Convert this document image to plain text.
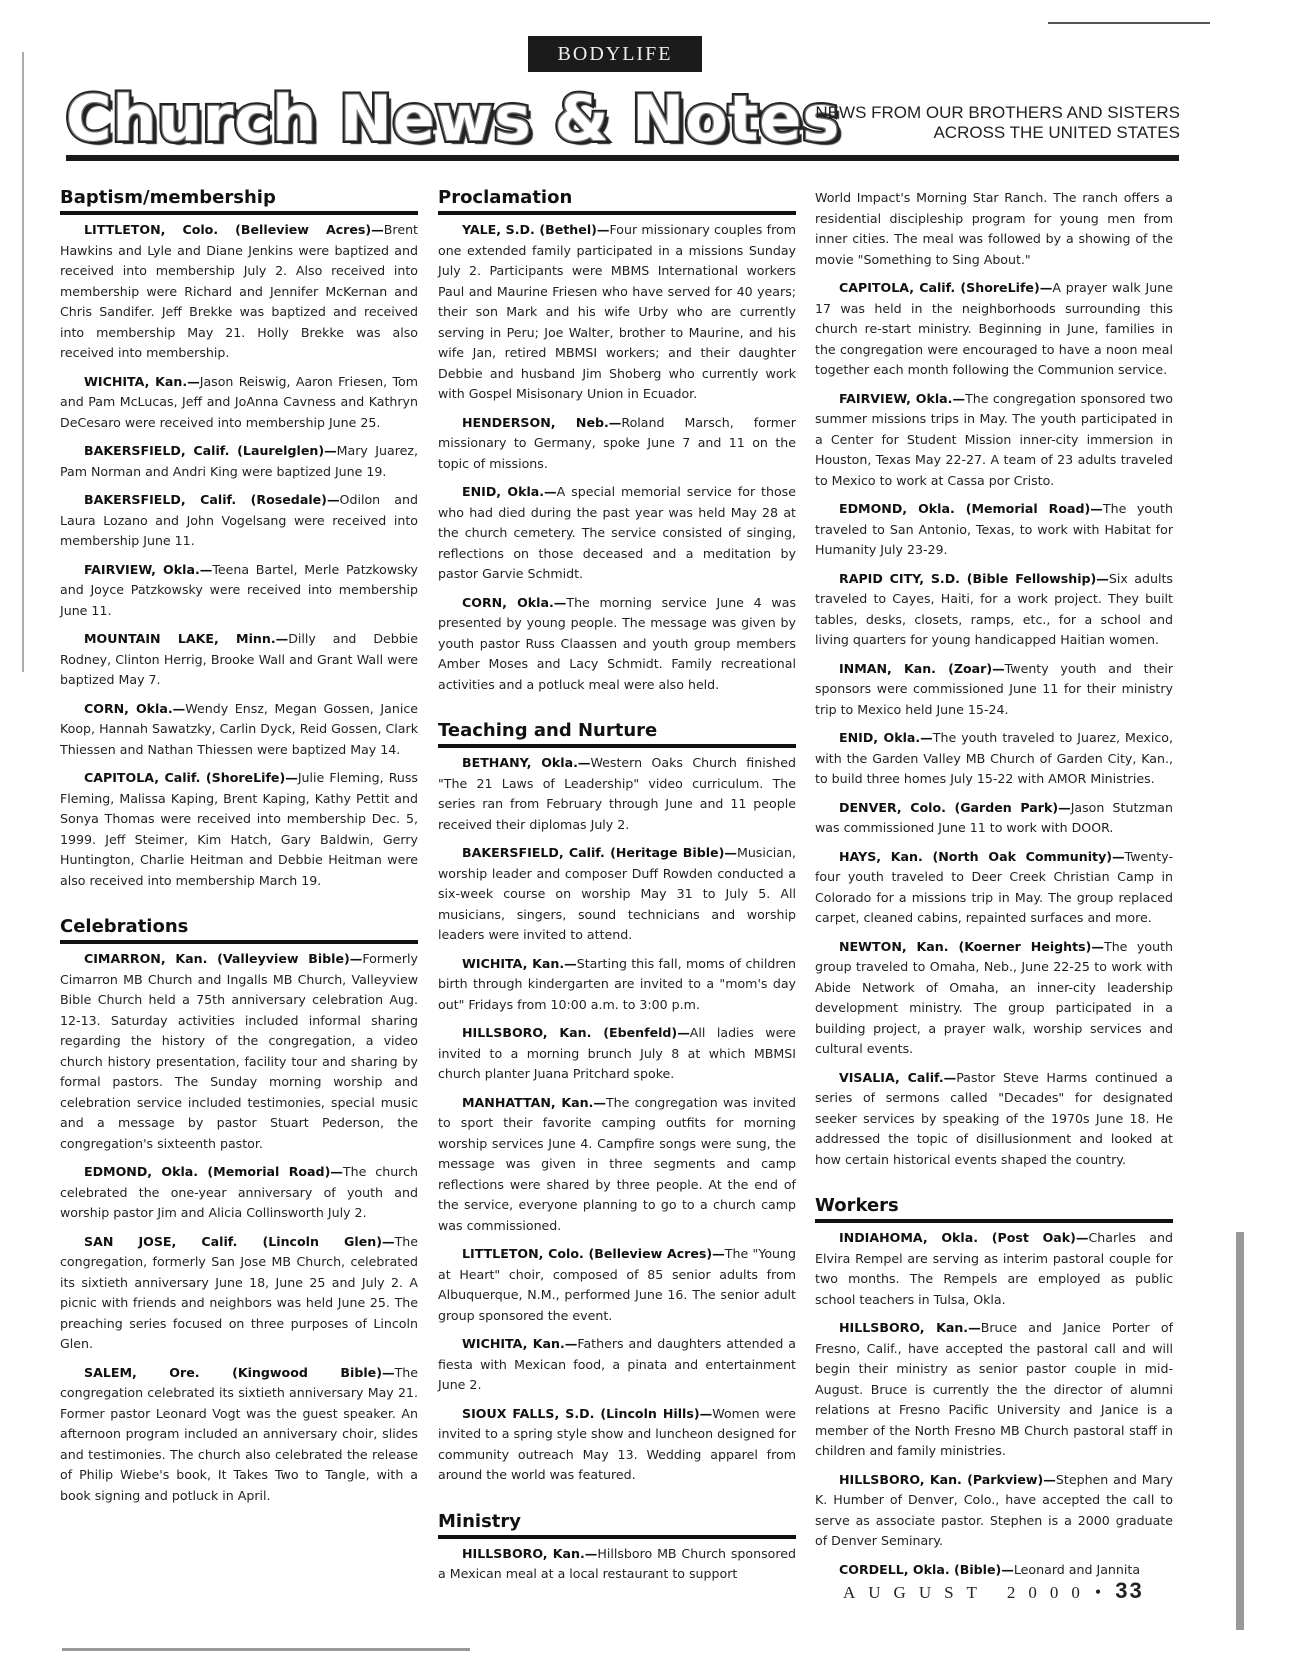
BODYLIFE
Church News & Notes
NEWS FROM OUR BROTHERS AND SISTERS
ACROSS THE UNITED STATES
Baptism/membership

LITTLETON, Colo. (Belleview Acres)—Brent Hawkins and Lyle and Diane Jenkins were baptized and received into membership July 2. Also received into membership were Richard and Jennifer McKernan and Chris Sandifer. Jeff Brekke was baptized and received into membership May 21. Holly Brekke was also received into membership.

WICHITA, Kan.—Jason Reiswig, Aaron Friesen, Tom and Pam McLucas, Jeff and JoAnna Cavness and Kathryn DeCesaro were received into membership June 25.

BAKERSFIELD, Calif. (Laurelglen)—Mary Juarez, Pam Norman and Andri King were baptized June 19.

BAKERSFIELD, Calif. (Rosedale)—Odilon and Laura Lozano and John Vogelsang were received into membership June 11.

FAIRVIEW, Okla.—Teena Bartel, Merle Patzkowsky and Joyce Patzkowsky were received into membership June 11.

MOUNTAIN LAKE, Minn.—Dilly and Debbie Rodney, Clinton Herrig, Brooke Wall and Grant Wall were baptized May 7.

CORN, Okla.—Wendy Ensz, Megan Gossen, Janice Koop, Hannah Sawatzky, Carlin Dyck, Reid Gossen, Clark Thiessen and Nathan Thiessen were baptized May 14.

CAPITOLA, Calif. (ShoreLife)—Julie Fleming, Russ Fleming, Malissa Kaping, Brent Kaping, Kathy Pettit and Sonya Thomas were received into membership Dec. 5, 1999. Jeff Steimer, Kim Hatch, Gary Baldwin, Gerry Huntington, Charlie Heitman and Debbie Heitman were also received into membership March 19.

Celebrations

CIMARRON, Kan. (Valleyview Bible)—Formerly Cimarron MB Church and Ingalls MB Church, Valleyview Bible Church held a 75th anniversary celebration Aug. 12-13. Saturday activities included informal sharing regarding the history of the congregation, a video church history presentation, facility tour and sharing by formal pastors. The Sunday morning worship and celebration service included testimonies, special music and a message by pastor Stuart Pederson, the congregation's sixteenth pastor.

EDMOND, Okla. (Memorial Road)—The church celebrated the one-year anniversary of youth and worship pastor Jim and Alicia Collinsworth July 2.

SAN JOSE, Calif. (Lincoln Glen)—The congregation, formerly San Jose MB Church, celebrated its sixtieth anniversary June 18, June 25 and July 2. A picnic with friends and neighbors was held June 25. The preaching series focused on three purposes of Lincoln Glen.

SALEM, Ore. (Kingwood Bible)—The congregation celebrated its sixtieth anniversary May 21. Former pastor Leonard Vogt was the guest speaker. An afternoon program included an anniversary choir, slides and testimonies. The church also celebrated the release of Philip Wiebe's book, It Takes Two to Tangle, with a book signing and potluck in April.

Proclamation

YALE, S.D. (Bethel)—Four missionary couples from one extended family participated in a missions Sunday July 2. Participants were MBMS International workers Paul and Maurine Friesen who have served for 40 years; their son Mark and his wife Urby who are currently serving in Peru; Joe Walter, brother to Maurine, and his wife Jan, retired MBMSI workers; and their daughter Debbie and husband Jim Shoberg who currently work with Gospel Misisonary Union in Ecuador.

HENDERSON, Neb.—Roland Marsch, former missionary to Germany, spoke June 7 and 11 on the topic of missions.

ENID, Okla.—A special memorial service for those who had died during the past year was held May 28 at the church cemetery. The service consisted of singing, reflections on those deceased and a meditation by pastor Garvie Schmidt.

CORN, Okla.—The morning service June 4 was presented by young people. The message was given by youth pastor Russ Claassen and youth group members Amber Moses and Lacy Schmidt. Family recreational activities and a potluck meal were also held.

Teaching and Nurture

BETHANY, Okla.—Western Oaks Church finished "The 21 Laws of Leadership" video curriculum. The series ran from February through June and 11 people received their diplomas July 2.

BAKERSFIELD, Calif. (Heritage Bible)—Musician, worship leader and composer Duff Rowden conducted a six-week course on worship May 31 to July 5. All musicians, singers, sound technicians and worship leaders were invited to attend.

WICHITA, Kan.—Starting this fall, moms of children birth through kindergarten are invited to a "mom's day out" Fridays from 10:00 a.m. to 3:00 p.m.

HILLSBORO, Kan. (Ebenfeld)—All ladies were invited to a morning brunch July 8 at which MBMSI church planter Juana Pritchard spoke.

MANHATTAN, Kan.—The congregation was invited to sport their favorite camping outfits for morning worship services June 4. Campfire songs were sung, the message was given in three segments and camp reflections were shared by three people. At the end of the service, everyone planning to go to a church camp was commissioned.

LITTLETON, Colo. (Belleview Acres)—The "Young at Heart" choir, composed of 85 senior adults from Albuquerque, N.M., performed June 16. The senior adult group sponsored the event.

WICHITA, Kan.—Fathers and daughters attended a fiesta with Mexican food, a pinata and entertainment June 2.

SIOUX FALLS, S.D. (Lincoln Hills)—Women were invited to a spring style show and luncheon designed for community outreach May 13. Wedding apparel from around the world was featured.

Ministry

HILLSBORO, Kan.—Hillsboro MB Church sponsored a Mexican meal at a local restaurant to support

World Impact's Morning Star Ranch. The ranch offers a residential discipleship program for young men from inner cities. The meal was followed by a showing of the movie "Something to Sing About."

CAPITOLA, Calif. (ShoreLife)—A prayer walk June 17 was held in the neighborhoods surrounding this church re-start ministry. Beginning in June, families in the congregation were encouraged to have a noon meal together each month following the Communion service.

FAIRVIEW, Okla.—The congregation sponsored two summer missions trips in May. The youth participated in a Center for Student Mission inner-city immersion in Houston, Texas May 22-27. A team of 23 adults traveled to Mexico to work at Cassa por Cristo.

EDMOND, Okla. (Memorial Road)—The youth traveled to San Antonio, Texas, to work with Habitat for Humanity July 23-29.

RAPID CITY, S.D. (Bible Fellowship)—Six adults traveled to Cayes, Haiti, for a work project. They built tables, desks, closets, ramps, etc., for a school and living quarters for young handicapped Haitian women.

INMAN, Kan. (Zoar)—Twenty youth and their sponsors were commissioned June 11 for their ministry trip to Mexico held June 15-24.

ENID, Okla.—The youth traveled to Juarez, Mexico, with the Garden Valley MB Church of Garden City, Kan., to build three homes July 15-22 with AMOR Ministries.

DENVER, Colo. (Garden Park)—Jason Stutzman was commissioned June 11 to work with DOOR.

HAYS, Kan. (North Oak Community)—Twenty-four youth traveled to Deer Creek Christian Camp in Colorado for a missions trip in May. The group replaced carpet, cleaned cabins, repainted surfaces and more.

NEWTON, Kan. (Koerner Heights)—The youth group traveled to Omaha, Neb., June 22-25 to work with Abide Network of Omaha, an inner-city leadership development ministry. The group participated in a building project, a prayer walk, worship services and cultural events.

VISALIA, Calif.—Pastor Steve Harms continued a series of sermons called "Decades" for designated seeker services by speaking of the 1970s June 18. He addressed the topic of disillusionment and looked at how certain historical events shaped the country.

Workers

INDIAHOMA, Okla. (Post Oak)—Charles and Elvira Rempel are serving as interim pastoral couple for two months. The Rempels are employed as public school teachers in Tulsa, Okla.

HILLSBORO, Kan.—Bruce and Janice Porter of Fresno, Calif., have accepted the pastoral call and will begin their ministry as senior pastor couple in mid-August. Bruce is currently the the director of alumni relations at Fresno Pacific University and Janice is a member of the North Fresno MB Church pastoral staff in children and family ministries.

HILLSBORO, Kan. (Parkview)—Stephen and Mary K. Humber of Denver, Colo., have accepted the call to serve as associate pastor. Stephen is a 2000 graduate of Denver Seminary.

CORDELL, Okla. (Bible)—Leonard and Jannita

AUGUST 2000 • 33
